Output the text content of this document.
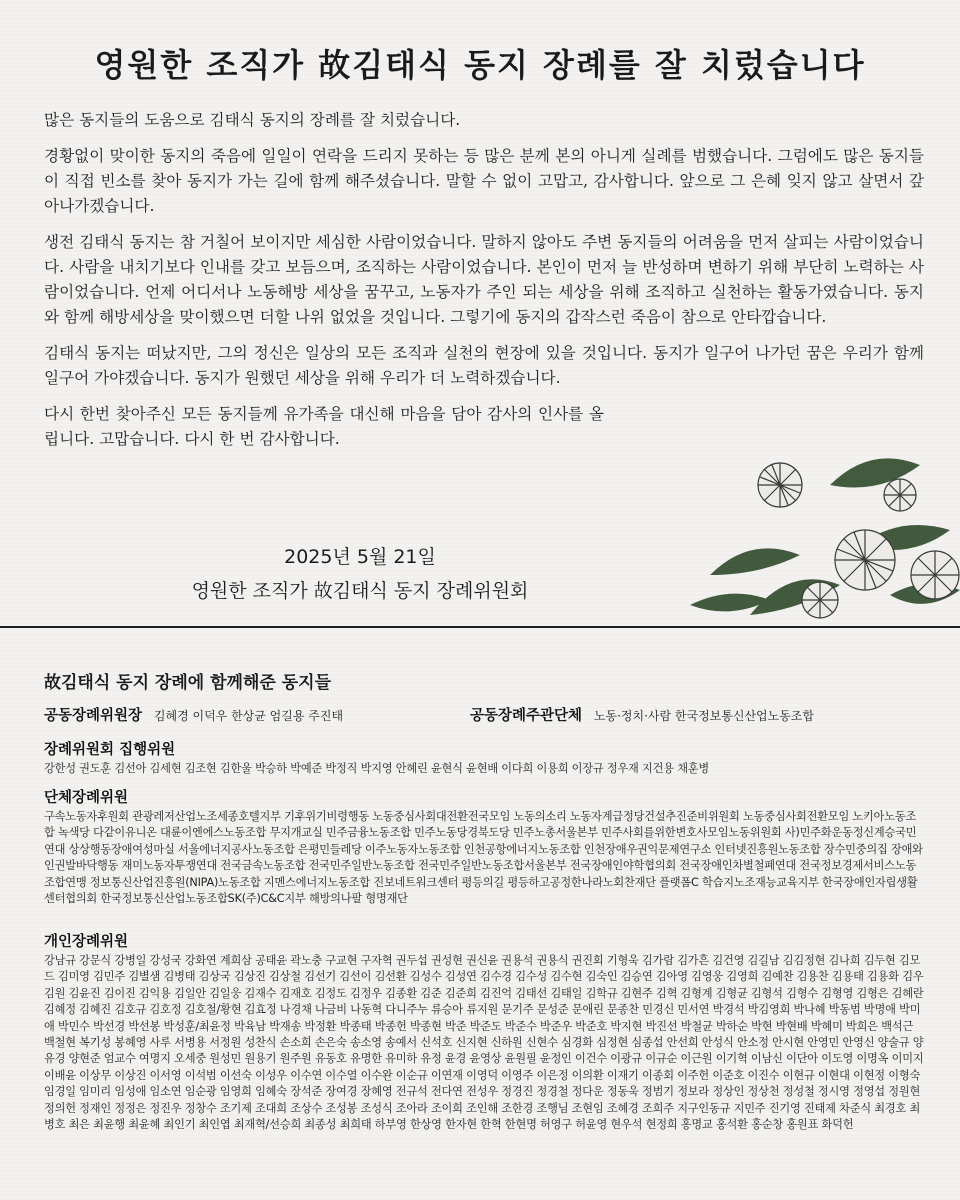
영원한 조직가 故김태식 동지 장례를 잘 치렀습니다

많은 동지들의 도움으로 김태식 동지의 장례를 잘 치렀습니다.

경황없이 맞이한 동지의 죽음에 일일이 연락을 드리지 못하는 등 많은 분께 본의 아니게 실례를 범했습니다. 그럼에도 많은 동지들이 직접 빈소를 찾아 동지가 가는 길에 함께 해주셨습니다. 말할 수 없이 고맙고, 감사합니다. 앞으로 그 은혜 잊지 않고 살면서 갚아나가겠습니다.

생전 김태식 동지는 참 거칠어 보이지만 세심한 사람이었습니다. 말하지 않아도 주변 동지들의 어려움을 먼저 살피는 사람이었습니다. 사람을 내치기보다 인내를 갖고 보듬으며, 조직하는 사람이었습니다. 본인이 먼저 늘 반성하며 변하기 위해 부단히 노력하는 사람이었습니다. 언제 어디서나 노동해방 세상을 꿈꾸고, 노동자가 주인 되는 세상을 위해 조직하고 실천하는 활동가였습니다. 동지와 함께 해방세상을 맞이했으면 더할 나위 없었을 것입니다. 그렇기에 동지의 갑작스런 죽음이 참으로 안타깝습니다.

김태식 동지는 떠났지만, 그의 정신은 일상의 모든 조직과 실천의 현장에 있을 것입니다. 동지가 일구어 나가던 꿈은 우리가 함께 일구어 가야겠습니다. 동지가 원했던 세상을 위해 우리가 더 노력하겠습니다.

다시 한번 찾아주신 모든 동지들께 유가족을 대신해 마음을 담아 감사의 인사를 올립니다. 고맙습니다. 다시 한 번 감사합니다.

2025년 5월 21일
영원한 조직가 故김태식 동지 장례위원회
故김태식 동지 장례에 함께해준 동지들
공동장례위원장 김혜경 이덕우 한상균 엄길용 주진태	공동장례주관단체 노동·정치·사람 한국정보통신산업노동조합
장례위원회 집행위원
강한성 권도훈 김선아 김세현 김조현 김한울 박승하 박예준 박정직 박지영 안혜린 윤현식 윤현배 이다희 이용희 이장규 정우재 지건용 채훈병
단체장례위원
구속노동자후원회 관광레저산업노조세종호텔지부 기후위기비령행동 노동중심사회대전환전국모임 노동의소리 노동자계급정당건설추진준비위원회 노동중심사회전환모임 노키아노동조합 녹색당 다같이유니온 대륜이엔에스노동조합 무지개교실 민주금융노동조합 민주노동당경북도당 민주노총서울본부 민주사회를위한변호사모임노동위원회 사)민주화운동정신계승국민연대 상상행동장애여성마실 서울에너지공사노동조합 은평민들레당 이주노동자노동조합 인천공항에너지노동조합 인천장애우권익문제연구소 인터넷진흥원노동조합 장수민중의집 장애와인권발바닥행동 재미노동자투쟁연대 전국금속노동조합 전국민주일반노동조합 전국민주일반노동조합서울본부 전국장애인야학협의회 전국장애인차별철폐연대 전국정보경제서비스노동조합연맹 정보통신산업진흥원(NIPA)노동조합 지멘스에너지노동조합 진보네트워크센터 평등의길 평등하고공정한나라노회찬재단 플랫폼C 학습지노조재능교육지부 한국장애인자립생활센터협의회 한국정보통신산업노동조합SK(주)C&C지부 해방의나팔 형명재단
개인장례위원
강남규 강문식 강병일 강성국 강화연 계희삼 공태윤 곽노충 구교현 구자혁 권두섭 권성현 권신윤 권용석 권용식 권진회 기형욱 김가람 김가흔 김건영 김길남 김김정현 김나희 김두현 김모드 김미영 김민주 김별샘 김병태 김상국 김상진 김상철 김선기 김선이 김선환 김성수 김성연 김수경 김수성 김수현 김숙인 김승연 김아영 김영웅 김영희 김예찬 김용찬 김용태 김용화 김우 김원 김윤진 김이진 김익용 김일안 김일웅 김재수 김재호 김정도 김정우 김종환 김준 김준희 김진억 김태선 김태일 김학규 김현주 김혁 김형계 김형균 김형석 김형수 김형영 김형은 김혜란 김혜정 김혜진 김호규 김호정 김호철/황현 김효정 나경채 나금비 나동혁 다니주누 류승아 류지원 문기주 문성준 문애린 문종찬 민경신 민서연 박경석 박김영희 박나혜 박동범 박명애 박미애 박민수 박선경 박선봉 박성훈/최윤정 박육남 박재송 박정환 박종태 박종헌 박종현 박준 박준도 박준수 박준우 박준호 박지현 박진선 박철균 박하순 박현 박현배 박혜미 박희은 백석근 백철현 복기성 봉혜영 사루 서병용 서정원 성찬식 손소희 손은숙 송소영 송예서 신석호 신지현 신하원 신현수 심경화 심정현 심종섭 안선희 안성식 안소정 안시현 안영민 안영신 양술규 양유경 양현준 엄교수 여명지 오세중 원성민 원용기 원주원 유동호 유명한 유미하 유정 윤경 윤영상 윤원필 윤정인 이건수 이광규 이규순 이근원 이기혁 이남신 이단아 이도영 이명옥 이미지 이배윤 이상무 이상진 이서영 이석범 이선숙 이성우 이수연 이수열 이수완 이순규 이연재 이영덕 이영주 이은정 이의환 이재기 이종회 이주헌 이준호 이진수 이현규 이현대 이현정 이형숙 임경일 임미리 임성애 임소연 임순광 임영희 임혜숙 장석준 장여경 장혜영 전규석 전다연 전성우 정경진 정경철 정다운 정동욱 정범기 정보라 정상인 정상천 정성철 정시영 정영섭 정원현 정의헌 정재인 정정은 정진우 정창수 조기제 조대희 조상수 조성봉 조성식 조아라 조이희 조인해 조한경 조행님 조현임 조혜경 조희주 지구인동규 지민주 진기영 진태제 차준식 최경호 최병호 최은 최윤행 최윤혜 최인기 최인엽 최재혁/선승희 최종성 최희태 하부영 한상영 한자현 한혁 한현명 허영구 허윤영 현우석 현정희 홍명교 홍석환 홍순창 홍원표 화덕헌
